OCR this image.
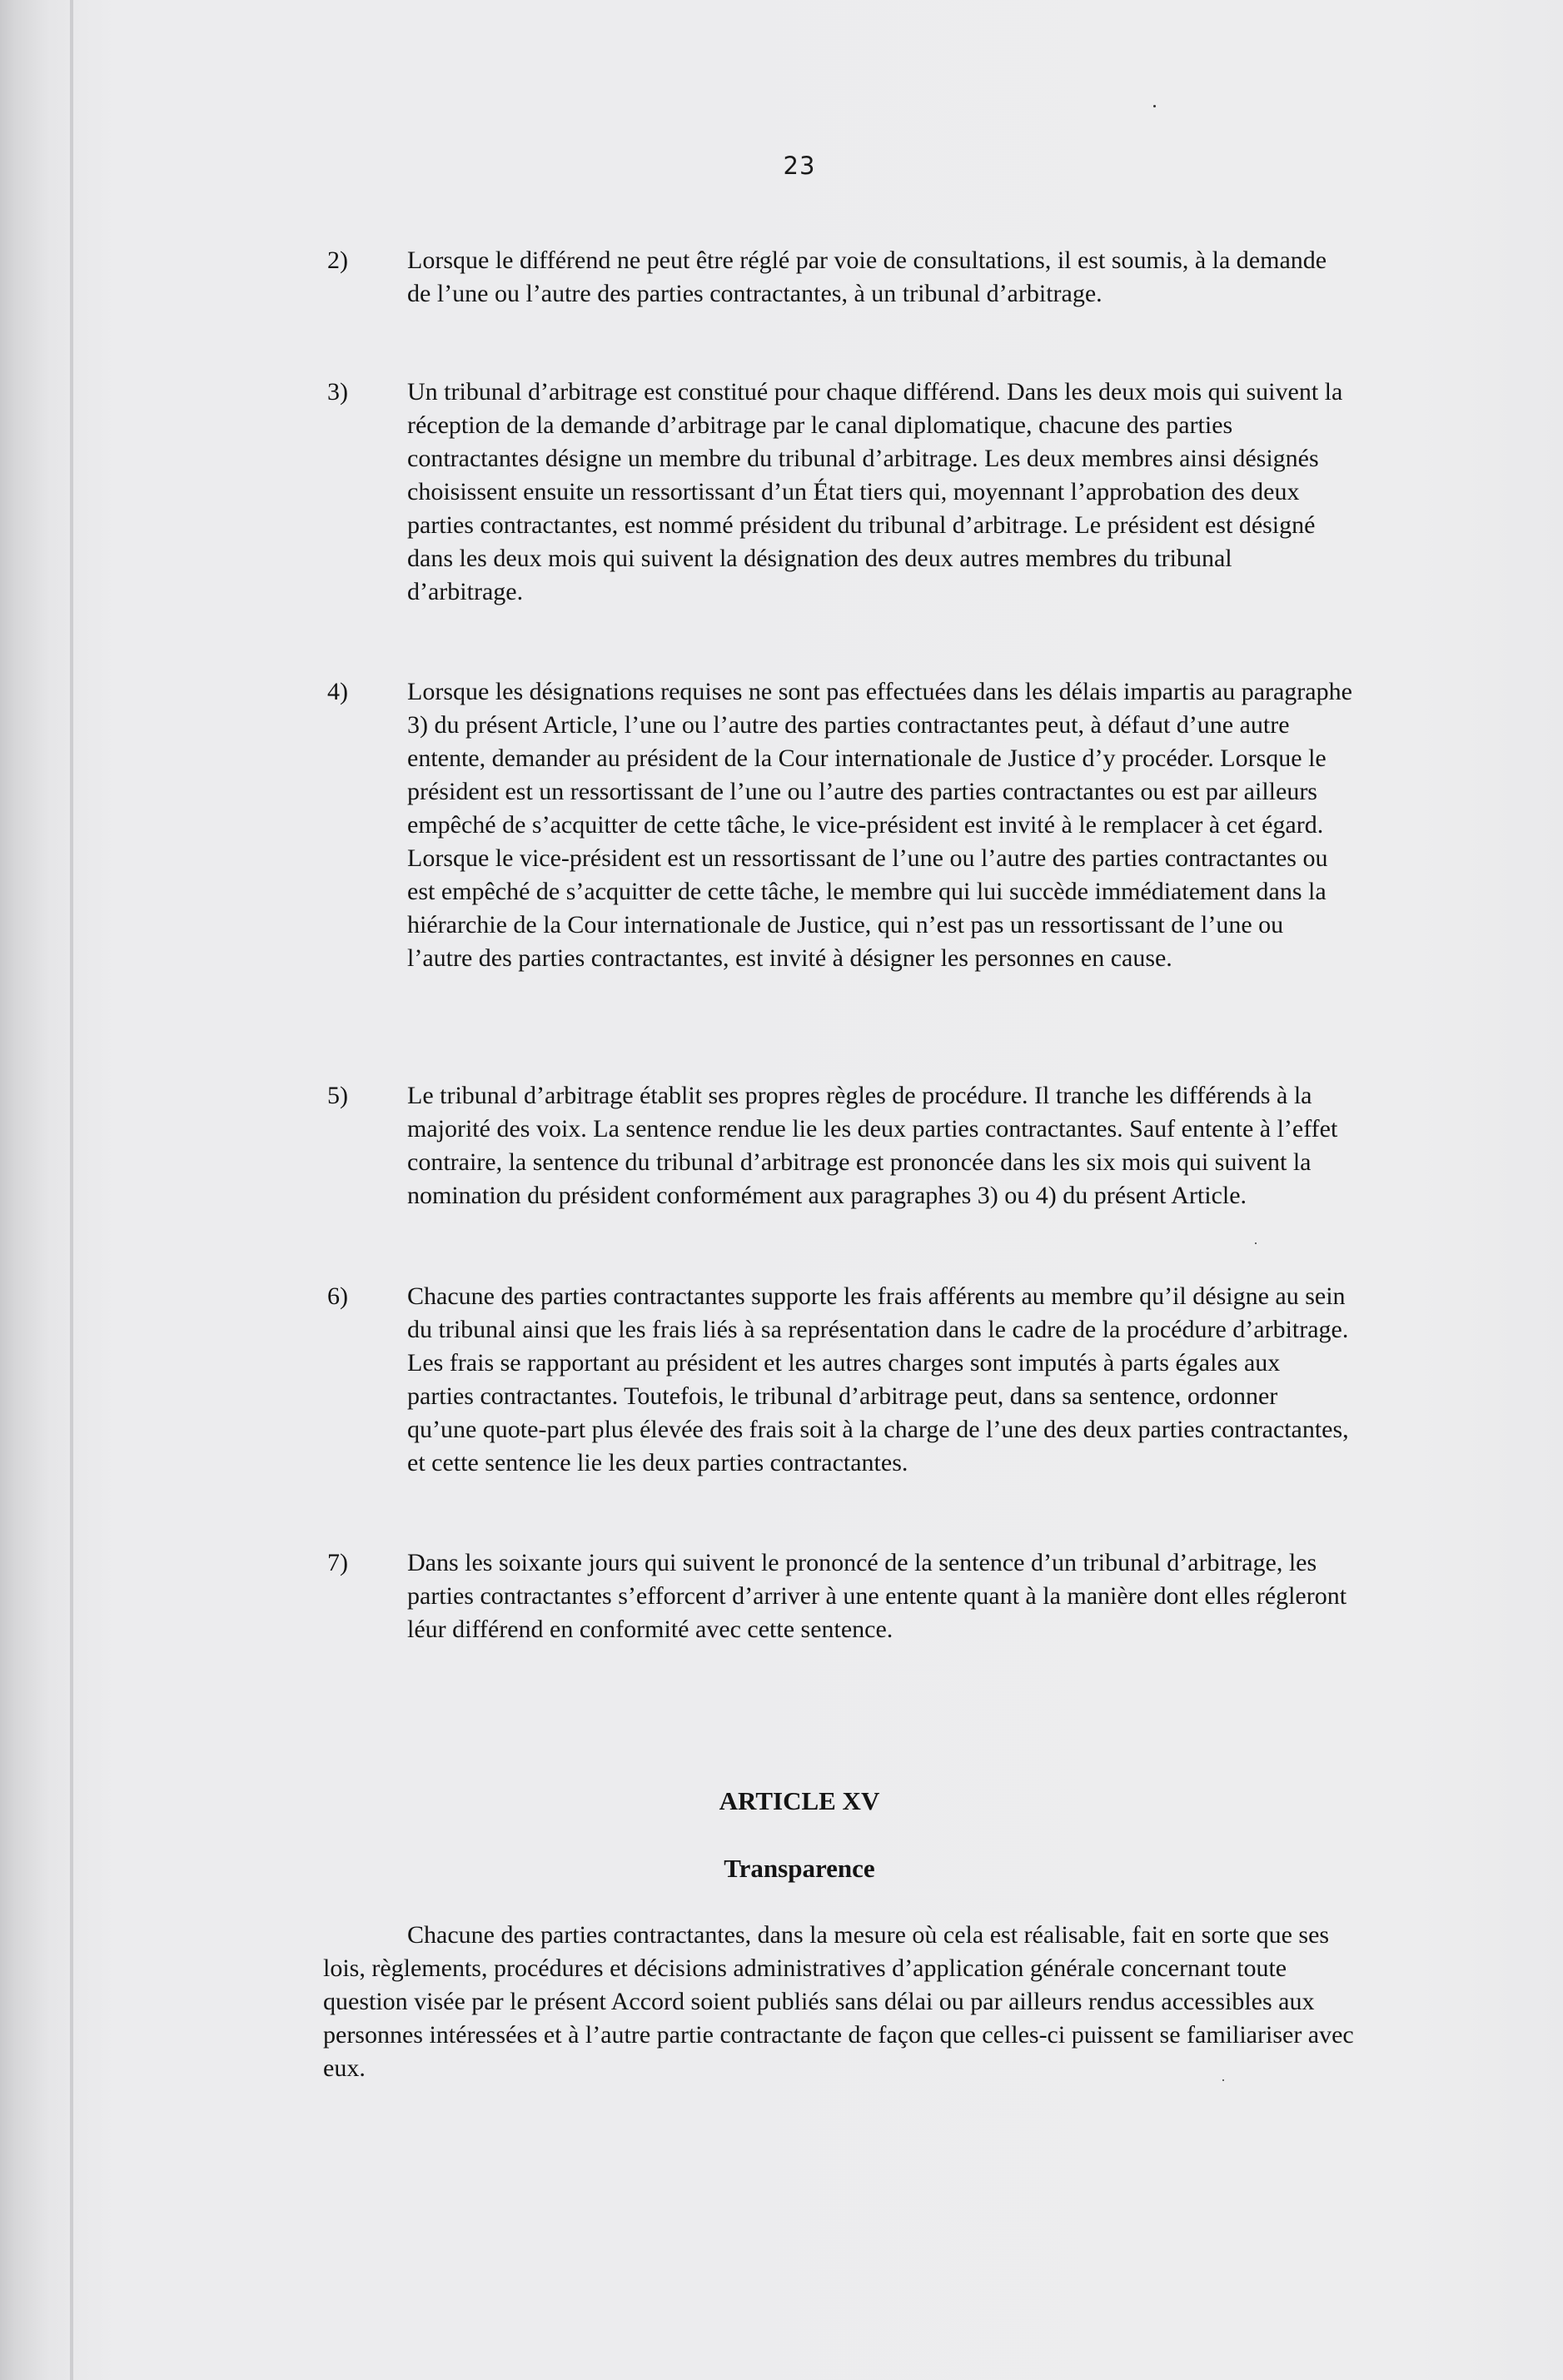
23
2) Lorsque le différend ne peut être réglé par voie de consultations, il est soumis, à la demande de l’une ou l’autre des parties contractantes, à un tribunal d’arbitrage.

3) Un tribunal d’arbitrage est constitué pour chaque différend. Dans les deux mois qui suivent la réception de la demande d’arbitrage par le canal diplomatique, chacune des parties contractantes désigne un membre du tribunal d’arbitrage. Les deux membres ainsi désignés choisissent ensuite un ressortissant d’un État tiers qui, moyennant l’approbation des deux parties contractantes, est nommé président du tribunal d’arbitrage. Le président est désigné dans les deux mois qui suivent la désignation des deux autres membres du tribunal d’arbitrage.

4) Lorsque les désignations requises ne sont pas effectuées dans les délais impartis au paragraphe 3) du présent Article, l’une ou l’autre des parties contractantes peut, à défaut d’une autre entente, demander au président de la Cour internationale de Justice d’y procéder. Lorsque le président est un ressortissant de l’une ou l’autre des parties contractantes ou est par ailleurs empêché de s’acquitter de cette tâche, le vice-président est invité à le remplacer à cet égard. Lorsque le vice-président est un ressortissant de l’une ou l’autre des parties contractantes ou est empêché de s’acquitter de cette tâche, le membre qui lui succède immédiatement dans la hiérarchie de la Cour internationale de Justice, qui n’est pas un ressortissant de l’une ou l’autre des parties contractantes, est invité à désigner les personnes en cause.

5) Le tribunal d’arbitrage établit ses propres règles de procédure. Il tranche les différends à la majorité des voix. La sentence rendue lie les deux parties contractantes. Sauf entente à l’effet contraire, la sentence du tribunal d’arbitrage est prononcée dans les six mois qui suivent la nomination du président conformément aux paragraphes 3) ou 4) du présent Article.

6) Chacune des parties contractantes supporte les frais afférents au membre qu’il désigne au sein du tribunal ainsi que les frais liés à sa représentation dans le cadre de la procédure d’arbitrage. Les frais se rapportant au président et les autres charges sont imputés à parts égales aux parties contractantes. Toutefois, le tribunal d’arbitrage peut, dans sa sentence, ordonner qu’une quote-part plus élevée des frais soit à la charge de l’une des deux parties contractantes, et cette sentence lie les deux parties contractantes.

7) Dans les soixante jours qui suivent le prononcé de la sentence d’un tribunal d’arbitrage, les parties contractantes s’efforcent d’arriver à une entente quant à la manière dont elles régleront léur différend en conformité avec cette sentence.

ARTICLE XV
Transparence

Chacune des parties contractantes, dans la mesure où cela est réalisable, fait en sorte que ses lois, règlements, procédures et décisions administratives d’application générale concernant toute question visée par le présent Accord soient publiés sans délai ou par ailleurs rendus accessibles aux personnes intéressées et à l’autre partie contractante de façon que celles-ci puissent se familiariser avec eux.
